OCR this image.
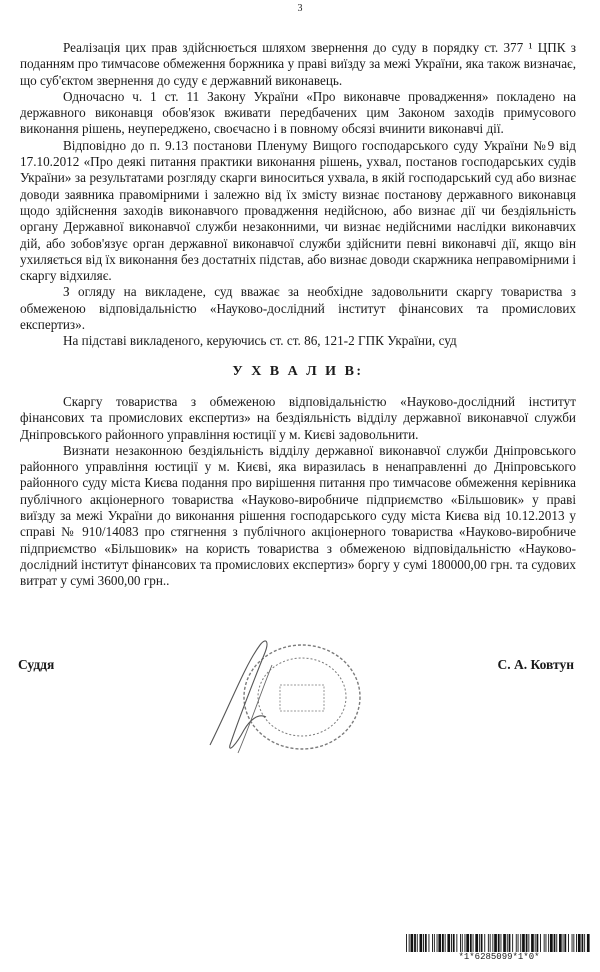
3

Реалізація цих прав здійснюється шляхом звернення до суду в порядку ст. 377 ¹ ЦПК з поданням про тимчасове обмеження боржника у праві виїзду за межі України, яка також визначає, що суб'єктом звернення до суду є державний виконавець.

Одночасно ч. 1 ст. 11 Закону України «Про виконавче провадження» покладено на державного виконавця обов'язок вживати передбачених цим Законом заходів примусового виконання рішень, неупереджено, своєчасно і в повному обсязі вчинити виконавчі дії.

Відповідно до п. 9.13 постанови Пленуму Вищого господарського суду України №9 від 17.10.2012 «Про деякі питання практики виконання рішень, ухвал, постанов господарських судів України» за результатами розгляду скарги виноситься ухвала, в якій господарський суд або визнає доводи заявника правомірними і залежно від їх змісту визнає постанову державного виконавця щодо здійснення заходів виконавчого провадження недійсною, або визнає дії чи бездіяльність органу Державної виконавчої служби незаконними, чи визнає недійсними наслідки виконавчих дій, або зобов'язує орган державної виконавчої служби здійснити певні виконавчі дії, якщо він ухиляється від їх виконання без достатніх підстав, або визнає доводи скаржника неправомірними і скаргу відхиляє.

З огляду на викладене, суд вважає за необхідне задовольнити скаргу товариства з обмеженою відповідальністю «Науково-дослідний інститут фінансових та промислових експертиз».

На підставі викладеного, керуючись ст. ст. 86, 121-2 ГПК України, суд

У Х В А Л И В:

Скаргу товариства з обмеженою відповідальністю «Науково-дослідний інститут фінансових та промислових експертиз» на бездіяльність відділу державної виконавчої служби Дніпровського районного управління юстиції у м. Києві задовольнити.

Визнати незаконною бездіяльність відділу державної виконавчої служби Дніпровського районного управління юстиції у м. Києві, яка виразилась в ненаправленні до Дніпровського районного суду міста Києва подання про вирішення питання про тимчасове обмеження керівника публічного акціонерного товариства «Науково-виробниче підприємство «Більшовик» у праві виїзду за межі України до виконання рішення господарського суду міста Києва від 10.12.2013 у справі № 910/14083 про стягнення з публічного акціонерного товариства «Науково-виробниче підприємство «Більшовик» на користь товариства з обмеженою відповідальністю «Науково-дослідний інститут фінансових та промислових експертиз» боргу у сумі 180000,00 грн. та судових витрат у сумі 3600,00 грн..

Суддя	С. А. Ковтун
*1*6285099*1*0*
